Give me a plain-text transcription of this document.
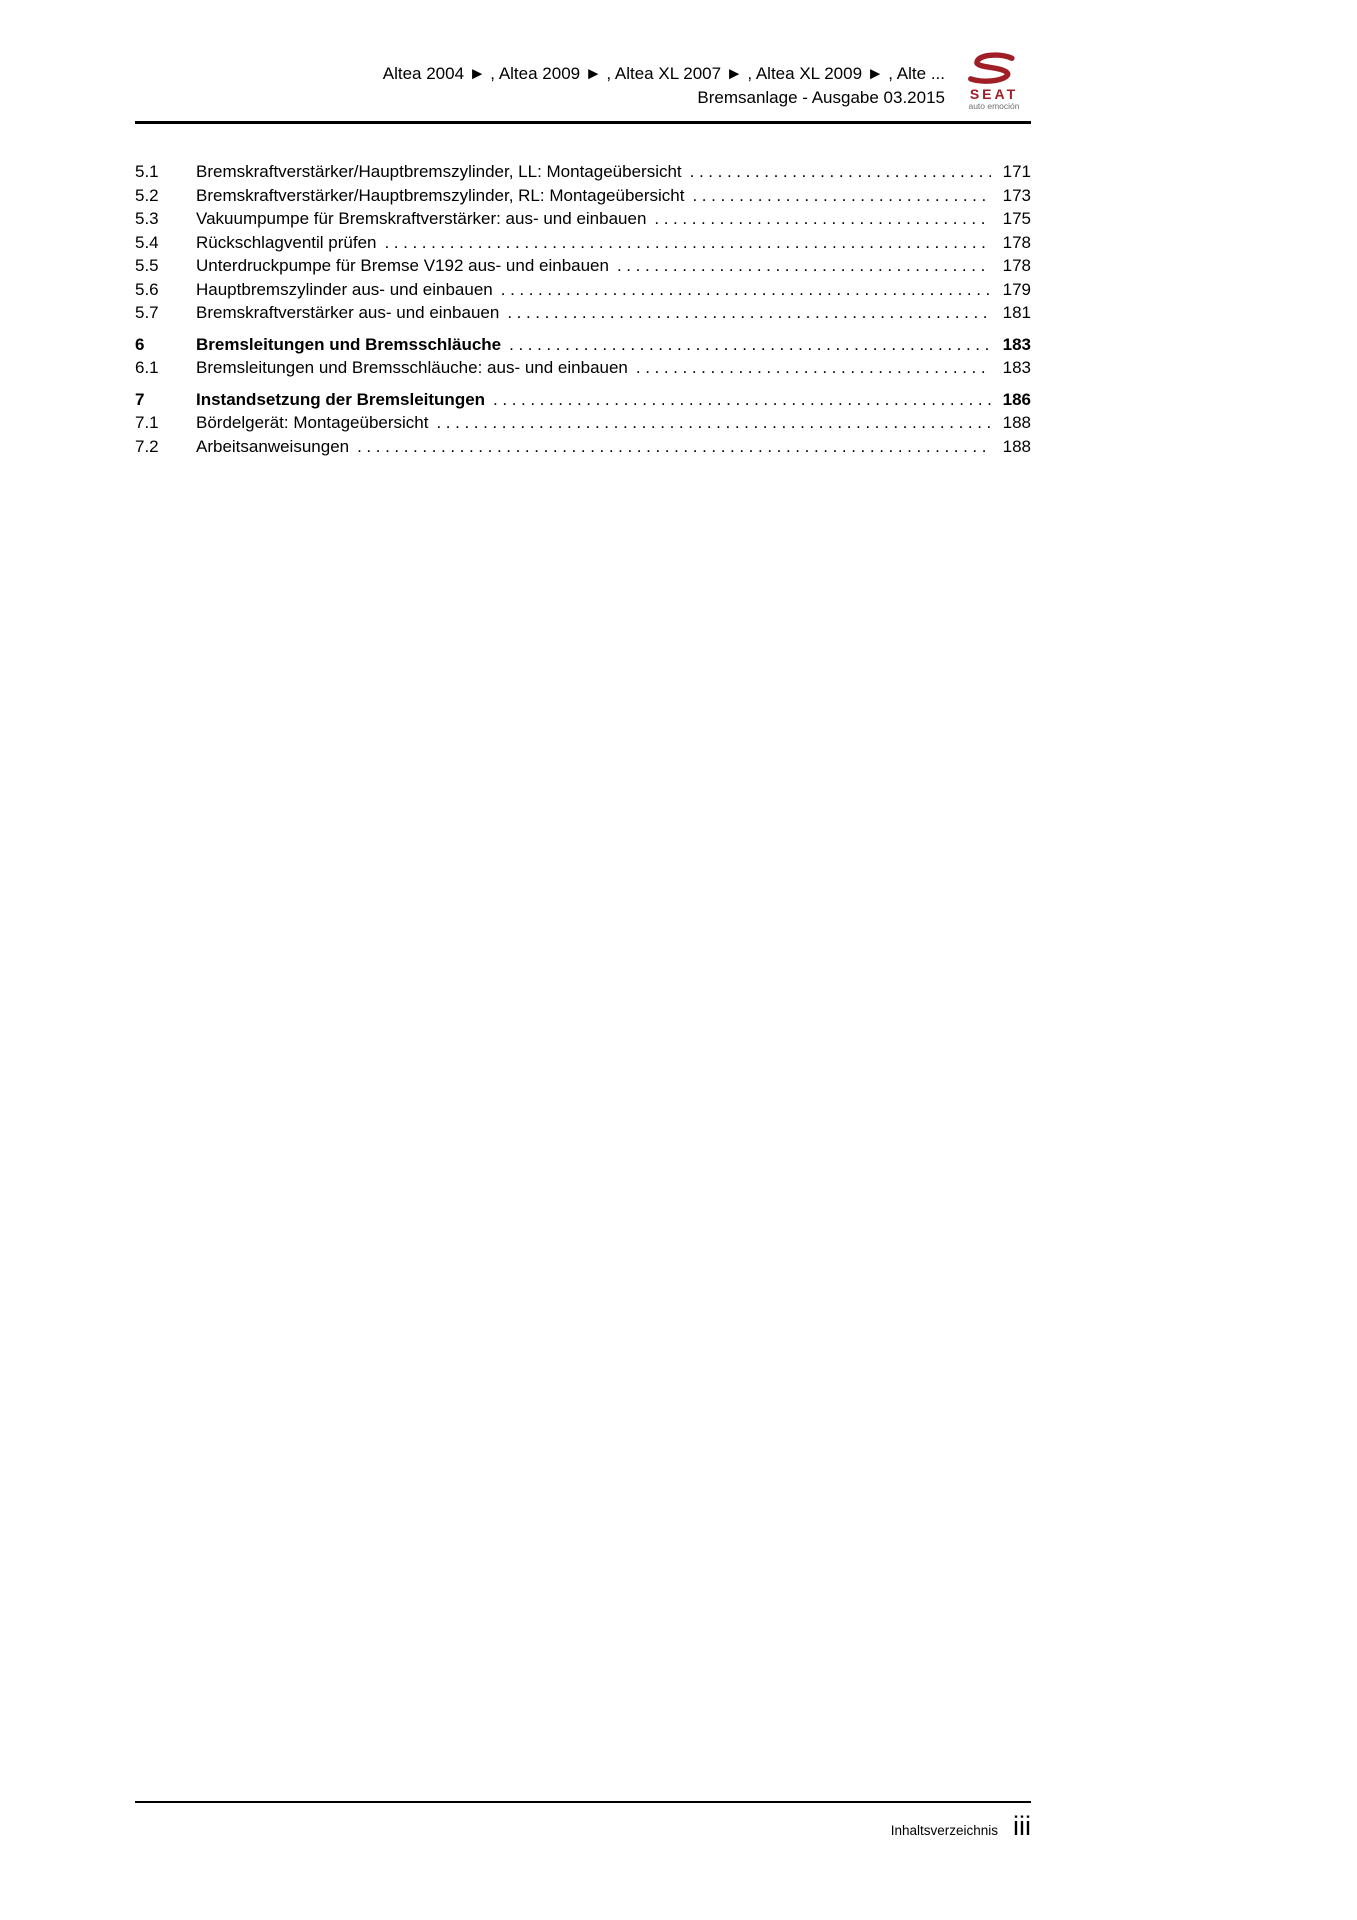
Altea 2004 ► , Altea 2009 ► , Altea XL 2007 ► , Altea XL 2009 ► , Alte ...
Bremsanlage - Ausgabe 03.2015	SEAT
auto emoción
5.1	Bremskraftverstärker/Hauptbremszylinder, LL: Montageübersicht .....	171
5.2	Bremskraftverstärker/Hauptbremszylinder, RL: Montageübersicht .....	173
5.3	Vakuumpumpe für Bremskraftverstärker: aus- und einbauen .....	175
5.4	Rückschlagventil prüfen .....	178
5.5	Unterdruckpumpe für Bremse V192 aus- und einbauen .....	178
5.6	Hauptbremszylinder aus- und einbauen .....	179
5.7	Bremskraftverstärker aus- und einbauen .....	181
6	Bremsleitungen und Bremsschläuche .....	183
6.1	Bremsleitungen und Bremsschläuche: aus- und einbauen .....	183
7	Instandsetzung der Bremsleitungen .....	186
7.1	Bördelgerät: Montageübersicht .....	188
7.2	Arbeitsanweisungen .....	188
Inhaltsverzeichnis iii
